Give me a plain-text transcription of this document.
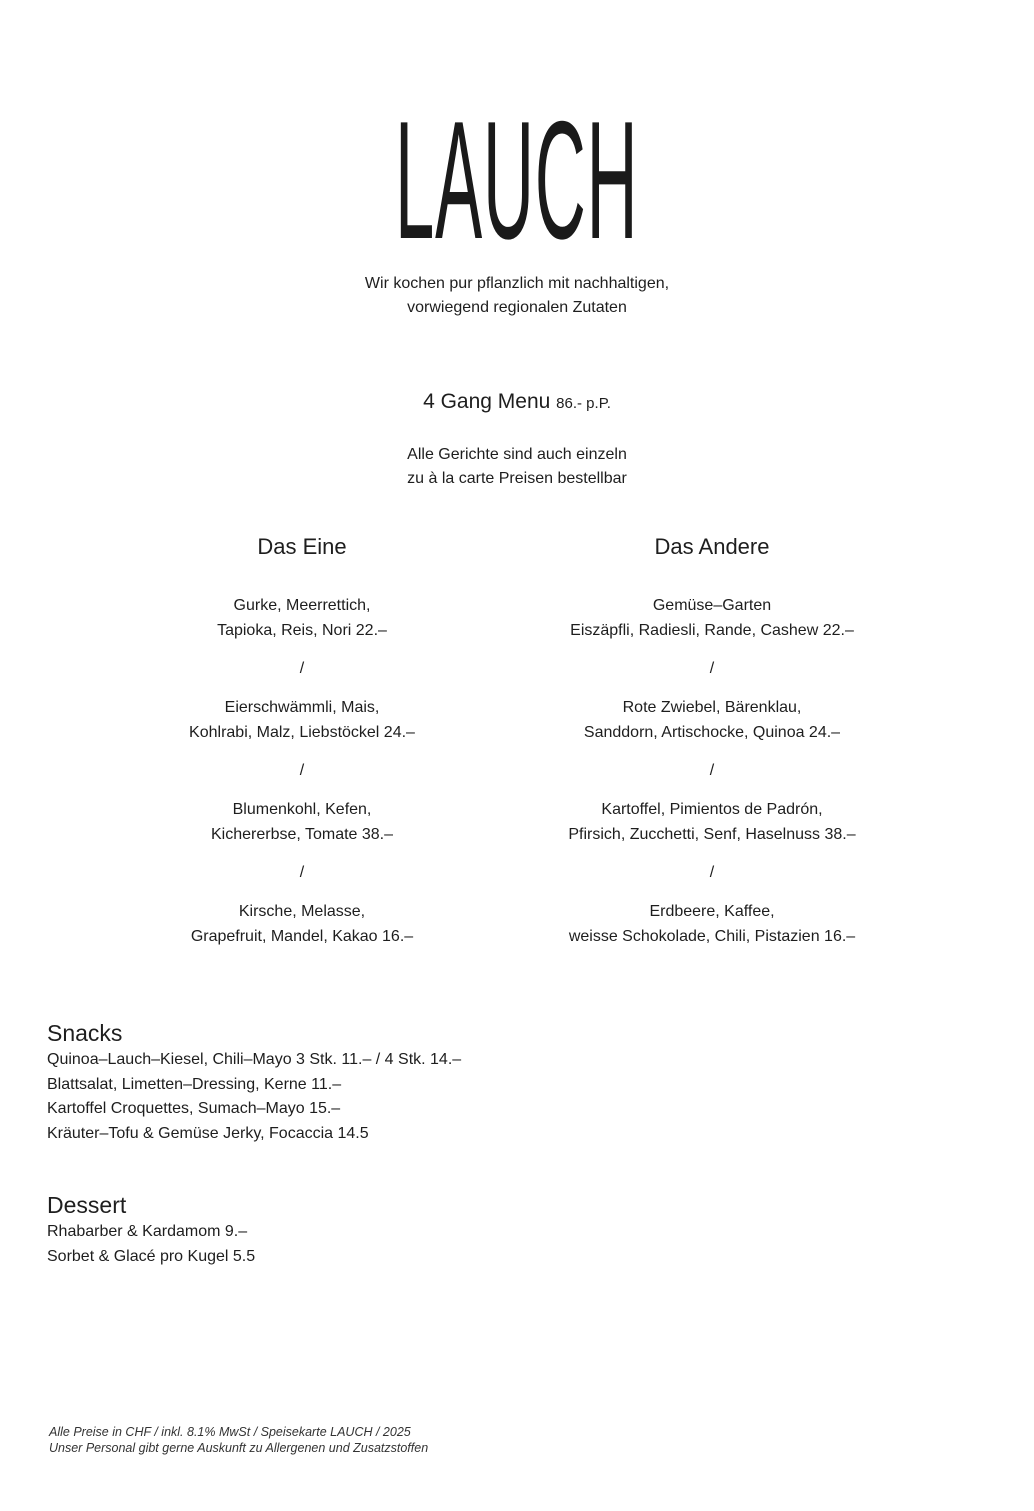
LAUCH
Wir kochen pur pflanzlich mit nachhaltigen,
vorwiegend regionalen Zutaten
4 Gang Menu 86.- p.P.
Alle Gerichte sind auch einzeln
zu à la carte Preisen bestellbar
Das Eine
Gurke, Meerrettich,
Tapioka, Reis, Nori 22.–
/
Eierschwämmli, Mais,
Kohlrabi, Malz, Liebstöckel 24.–
/
Blumenkohl, Kefen,
Kichererbse, Tomate 38.–
/
Kirsche, Melasse,
Grapefruit, Mandel, Kakao 16.–
Das Andere
Gemüse–Garten
Eiszäpfli, Radiesli, Rande, Cashew 22.–
/
Rote Zwiebel, Bärenklau,
Sanddorn, Artischocke, Quinoa 24.–
/
Kartoffel, Pimientos de Padrón,
Pfirsich, Zucchetti, Senf, Haselnuss 38.–
/
Erdbeere, Kaffee,
weisse Schokolade, Chili, Pistazien 16.–
Snacks
Quinoa–Lauch–Kiesel, Chili–Mayo 3 Stk. 11.– / 4 Stk. 14.–
Blattsalat, Limetten–Dressing, Kerne 11.–
Kartoffel Croquettes, Sumach–Mayo 15.–
Kräuter–Tofu & Gemüse Jerky, Focaccia 14.5
Dessert
Rhabarber & Kardamom 9.–
Sorbet & Glacé pro Kugel 5.5
Alle Preise in CHF / inkl. 8.1% MwSt / Speisekarte LAUCH / 2025
Unser Personal gibt gerne Auskunft zu Allergenen und Zusatzstoffen
